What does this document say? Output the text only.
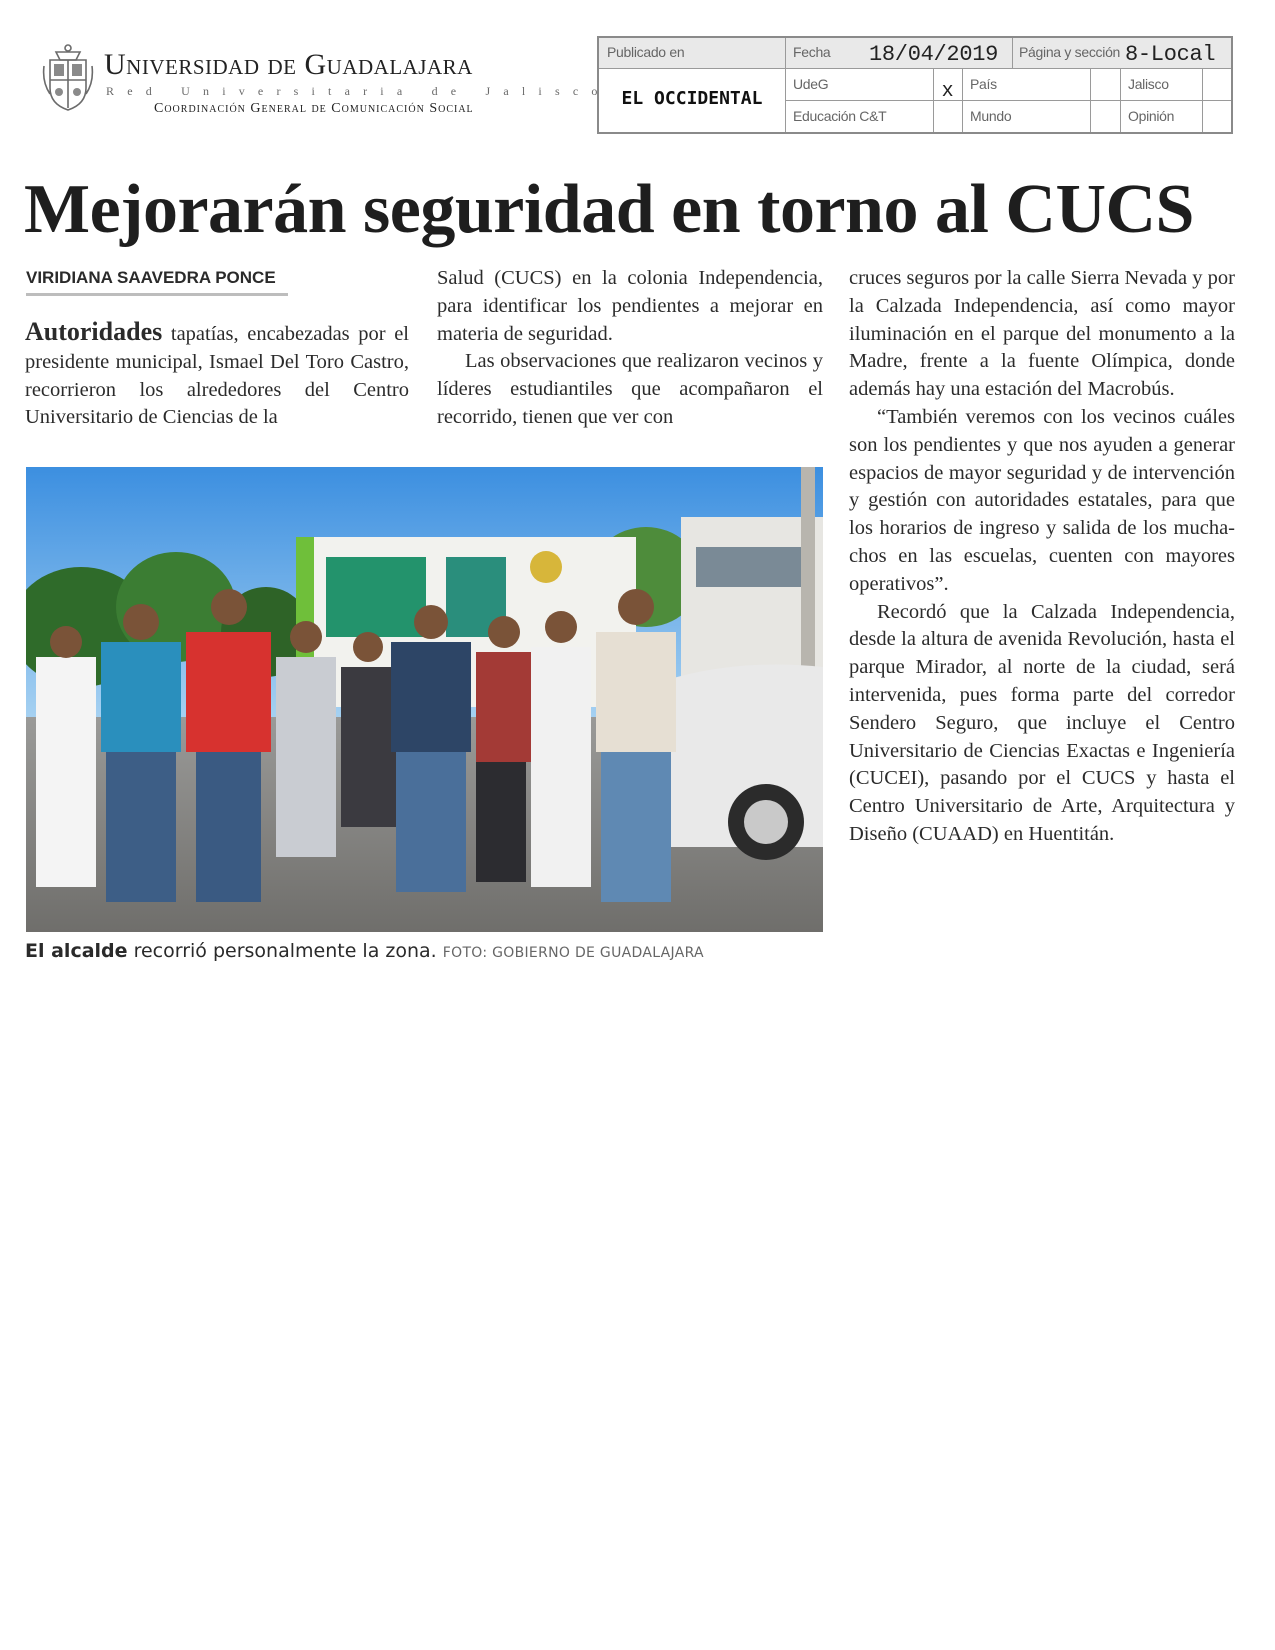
Universidad de Guadalajara
Red Universitaria de Jalisco
Coordinación General de Comunicación Social
Publicado en
EL OCCIDENTAL
Fecha 18/04/2019 Página y sección 8-Local
UdeG	x	País	Jalisco
Educación C&T	Mundo	Opinión
Mejorarán seguridad en torno al CUCS
VIRIDIANA SAAVEDRA PONCE

Autoridades tapatías, encabezadas por el presidente municipal, Ismael Del Toro Castro, recorrieron los alrededores del Centro Universitario de Ciencias de la

Salud (CUCS) en la colonia Independencia, para identificar los pendientes a mejorar en materia de seguridad.

Las observaciones que realizaron vecinos y líderes estudiantiles que acompañaron el recorrido, tienen que ver con

cruces seguros por la calle Sierra Nevada y por la Calzada Independencia, así como mayor iluminación en el parque del monumento a la Madre, frente a la fuente Olímpica, donde además hay una estación del Macrobús.

“También veremos con los vecinos cuáles son los pendientes y que nos ayuden a generar espacios de mayor seguridad y de intervención y gestión con autoridades estatales, para que los horarios de ingreso y salida de los muchachos en las escuelas, cuenten con mayores operativos”.

Recordó que la Calzada Independencia, desde la altura de avenida Revolución, hasta el parque Mirador, al norte de la ciudad, será intervenida, pues forma parte del corredor Sendero Seguro, que incluye el Centro Universitario de Ciencias Exactas e Ingeniería (CUCEI), pasando por el CUCS y hasta el Centro Universitario de Arte, Arquitectura y Diseño (CUAAD) en Huentitán.

El alcalde recorrió personalmente la zona. FOTO: GOBIERNO DE GUADALAJARA
